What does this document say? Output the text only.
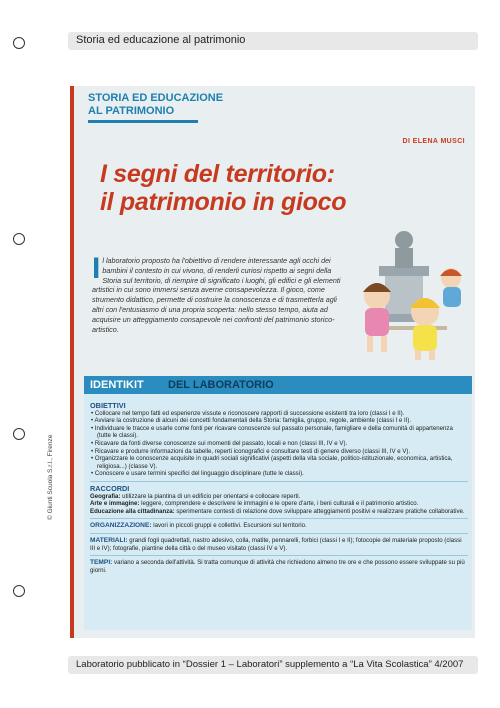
Storia ed educazione al patrimonio
© Giunti Scuola S.r.l., Firenze
STORIA ED EDUCAZIONE
AL PATRIMONIO
DI ELENA MUSCI
I segni del territorio:
il patrimonio in gioco
I l laboratorio proposto ha l'obiettivo di rendere interessante agli occhi dei bambini il contesto in cui vivono, di renderli curiosi rispetto ai segni della Storia sul territorio, di riempire di significato i luoghi, gli edifici e gli elementi artistici in cui sono immersi senza averne consapevolezza. Il gioco, come strumento didattico, permette di costruire la conoscenza e di trasmetterla agli altri con l'entusiasmo di una propria scoperta: nello stesso tempo, aiuta ad acquisire un atteggiamento consapevole nei confronti del patrimonio storico-artistico.
IDENTIKIT DEL LABORATORIO
OBIETTIVI
• Collocare nel tempo fatti ed esperienze vissute e riconoscere rapporti di successione esistenti tra loro (classi I e II).
• Avviare la costruzione di alcuni dei concetti fondamentali della Storia: famiglia, gruppo, regole, ambiente (classi I e II).
• Individuare le tracce e usarle come fonti per ricavare conoscenze sul passato personale, famigliare e della comunità di appartenenza (tutte le classi).
• Ricavare da fonti diverse conoscenze sui momenti del passato, locali e non (classi III, IV e V).
• Ricavare e produrre informazioni da tabelle, reperti iconografici e consultare testi di genere diverso (classi III, IV e V).
• Organizzare le conoscenze acquisite in quadri sociali significativi (aspetti della vita sociale, politico-istituzionale, economica, artistica, religiosa...) (classe V).
• Conoscere e usare termini specifici del linguaggio disciplinare (tutte le classi).
RACCORDI
Geografia: utilizzare la piantina di un edificio per orientarsi e collocare reperti.
Arte e immagine: leggere, comprendere e descrivere le immagini e le opere d'arte, i beni culturali e il patrimonio artistico.
Educazione alla cittadinanza: sperimentare contesti di relazione dove sviluppare atteggiamenti positivi e realizzare pratiche collaborative.
ORGANIZZAZIONE: lavori in piccoli gruppi e collettivi. Escursioni sul territorio.
MATERIALI: grandi fogli quadrettati, nastro adesivo, colla, matite, pennarelli, forbici (classi I e II); fotocopie del materiale proposto (classi III e IV); fotografie, piantine della città o del museo visitato (classi IV e V).
TEMPI: variano a seconda dell'attività. Si tratta comunque di attività che richiedono almeno tre ore e che possono essere sviluppate su più giorni.
Laboratorio pubblicato in “Dossier 1 – Laboratori” supplemento a “La Vita Scolastica” 4/2007
